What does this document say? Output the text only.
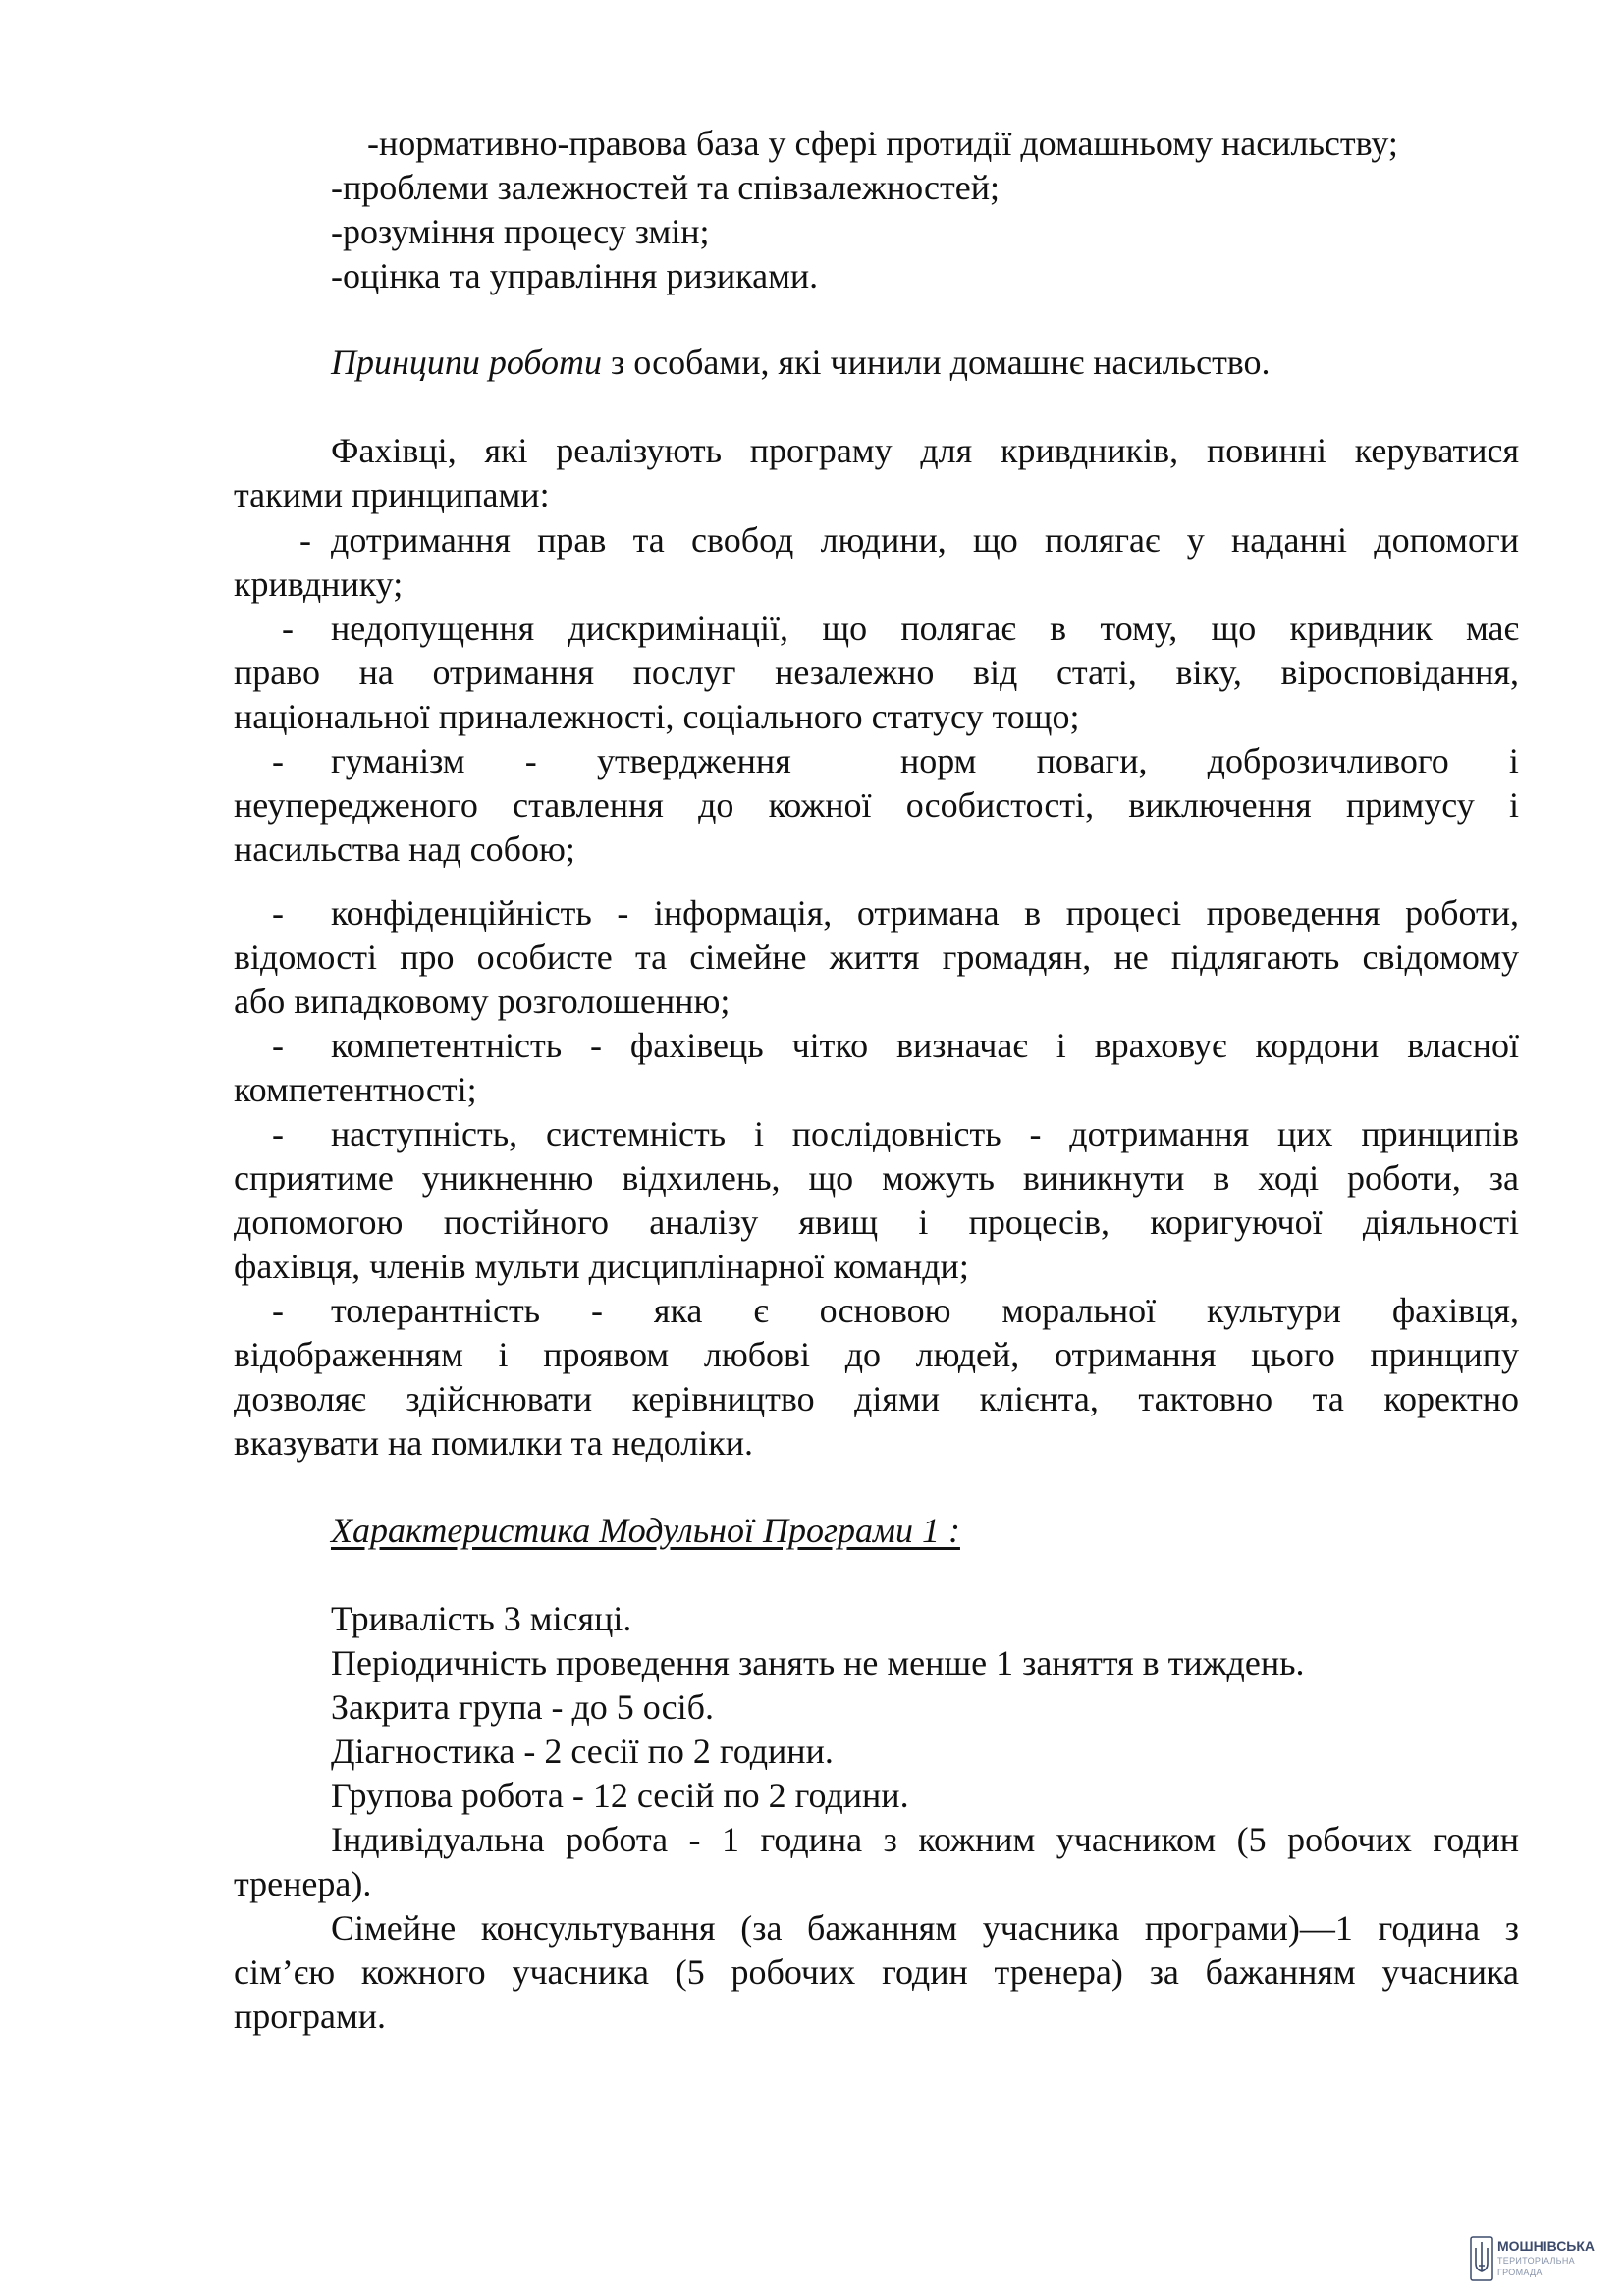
-нормативно-правова база у сфері протидії домашньому насильству;

-проблеми залежностей та співзалежностей;

-розуміння процесу змін;

-оцінка та управління ризиками.

Принципи роботи з особами, які чинили домашнє насильство.

Фахівці, які реалізують програму для кривдників, повинні керуватися

такими принципами:

- дотримання прав та свобод людини, що полягає у наданні допомоги

кривднику;

- недопущення дискримінації, що полягає в тому, що кривдник має

право на отримання послуг незалежно від статі, віку, віросповідання,

національної приналежності, соціального статусу тощо;

- гуманізм - утвердження	норм поваги, доброзичливого і

неупередженого ставлення до кожної особистості, виключення примусу і

насильства над собою;

- конфіденційність - інформація, отримана в процесі проведення роботи,

відомості про особисте та сімейне життя громадян, не підлягають свідомому

або випадковому розголошенню;

- компетентність - фахівець чітко визначає і враховує кордони власної

компетентності;

- наступність, системність і послідовність - дотримання цих принципів

сприятиме уникненню відхилень, що можуть виникнути в ході роботи, за

допомогою постійного аналізу явищ і процесів, коригуючої діяльності

фахівця, членів мульти дисциплінарної команди;

- толерантність - яка є основою моральної культури фахівця,

відображенням і проявом любові до людей, отримання цього принципу

дозволяє здійснювати керівництво діями клієнта, тактовно та коректно

вказувати на помилки та недоліки.

Характеристика Модульної Програми 1 :

Тривалість 3 місяці.

Періодичність проведення занять не менше 1 заняття в тиждень.

Закрита група - до 5 осіб.

Діагностика - 2 сесії по 2 години.

Групова робота - 12 сесій по 2 години.

Індивідуальна робота - 1 година з кожним учасником (5 робочих годин

тренера).

Сімейне консультування (за бажанням учасника програми)—1 година з

сім’єю кожного учасника (5 робочих годин тренера) за бажанням учасника

програми.

МОШНІВСЬКА

ТЕРИТОРІАЛЬНА

ГРОМАДА
